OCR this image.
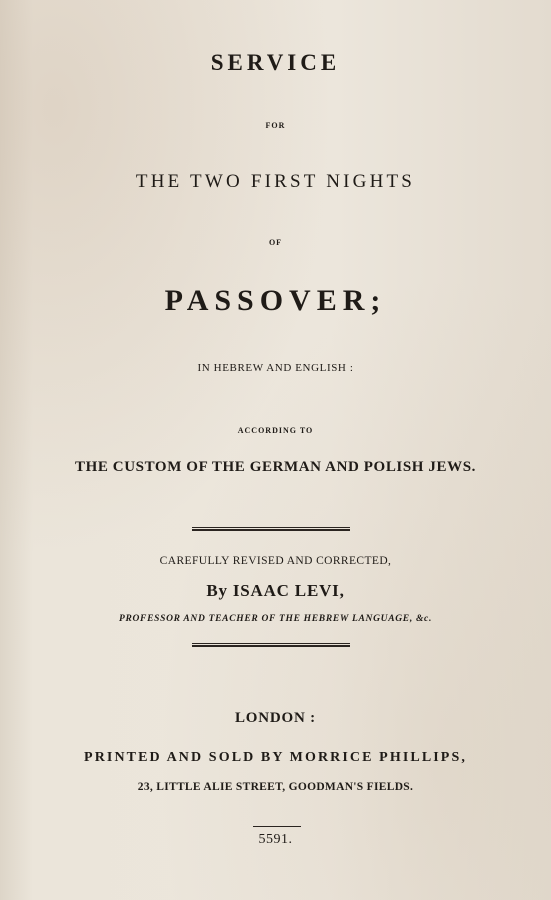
SERVICE
FOR
THE TWO FIRST NIGHTS
OF
PASSOVER;
IN HEBREW AND ENGLISH :
ACCORDING TO
THE CUSTOM OF THE GERMAN AND POLISH JEWS.
CAREFULLY REVISED AND CORRECTED,
By ISAAC LEVI,
PROFESSOR AND TEACHER OF THE HEBREW LANGUAGE, &c.
LONDON :
PRINTED AND SOLD BY MORRICE PHILLIPS,
23, LITTLE ALIE STREET, GOODMAN'S FIELDS.
5591.
